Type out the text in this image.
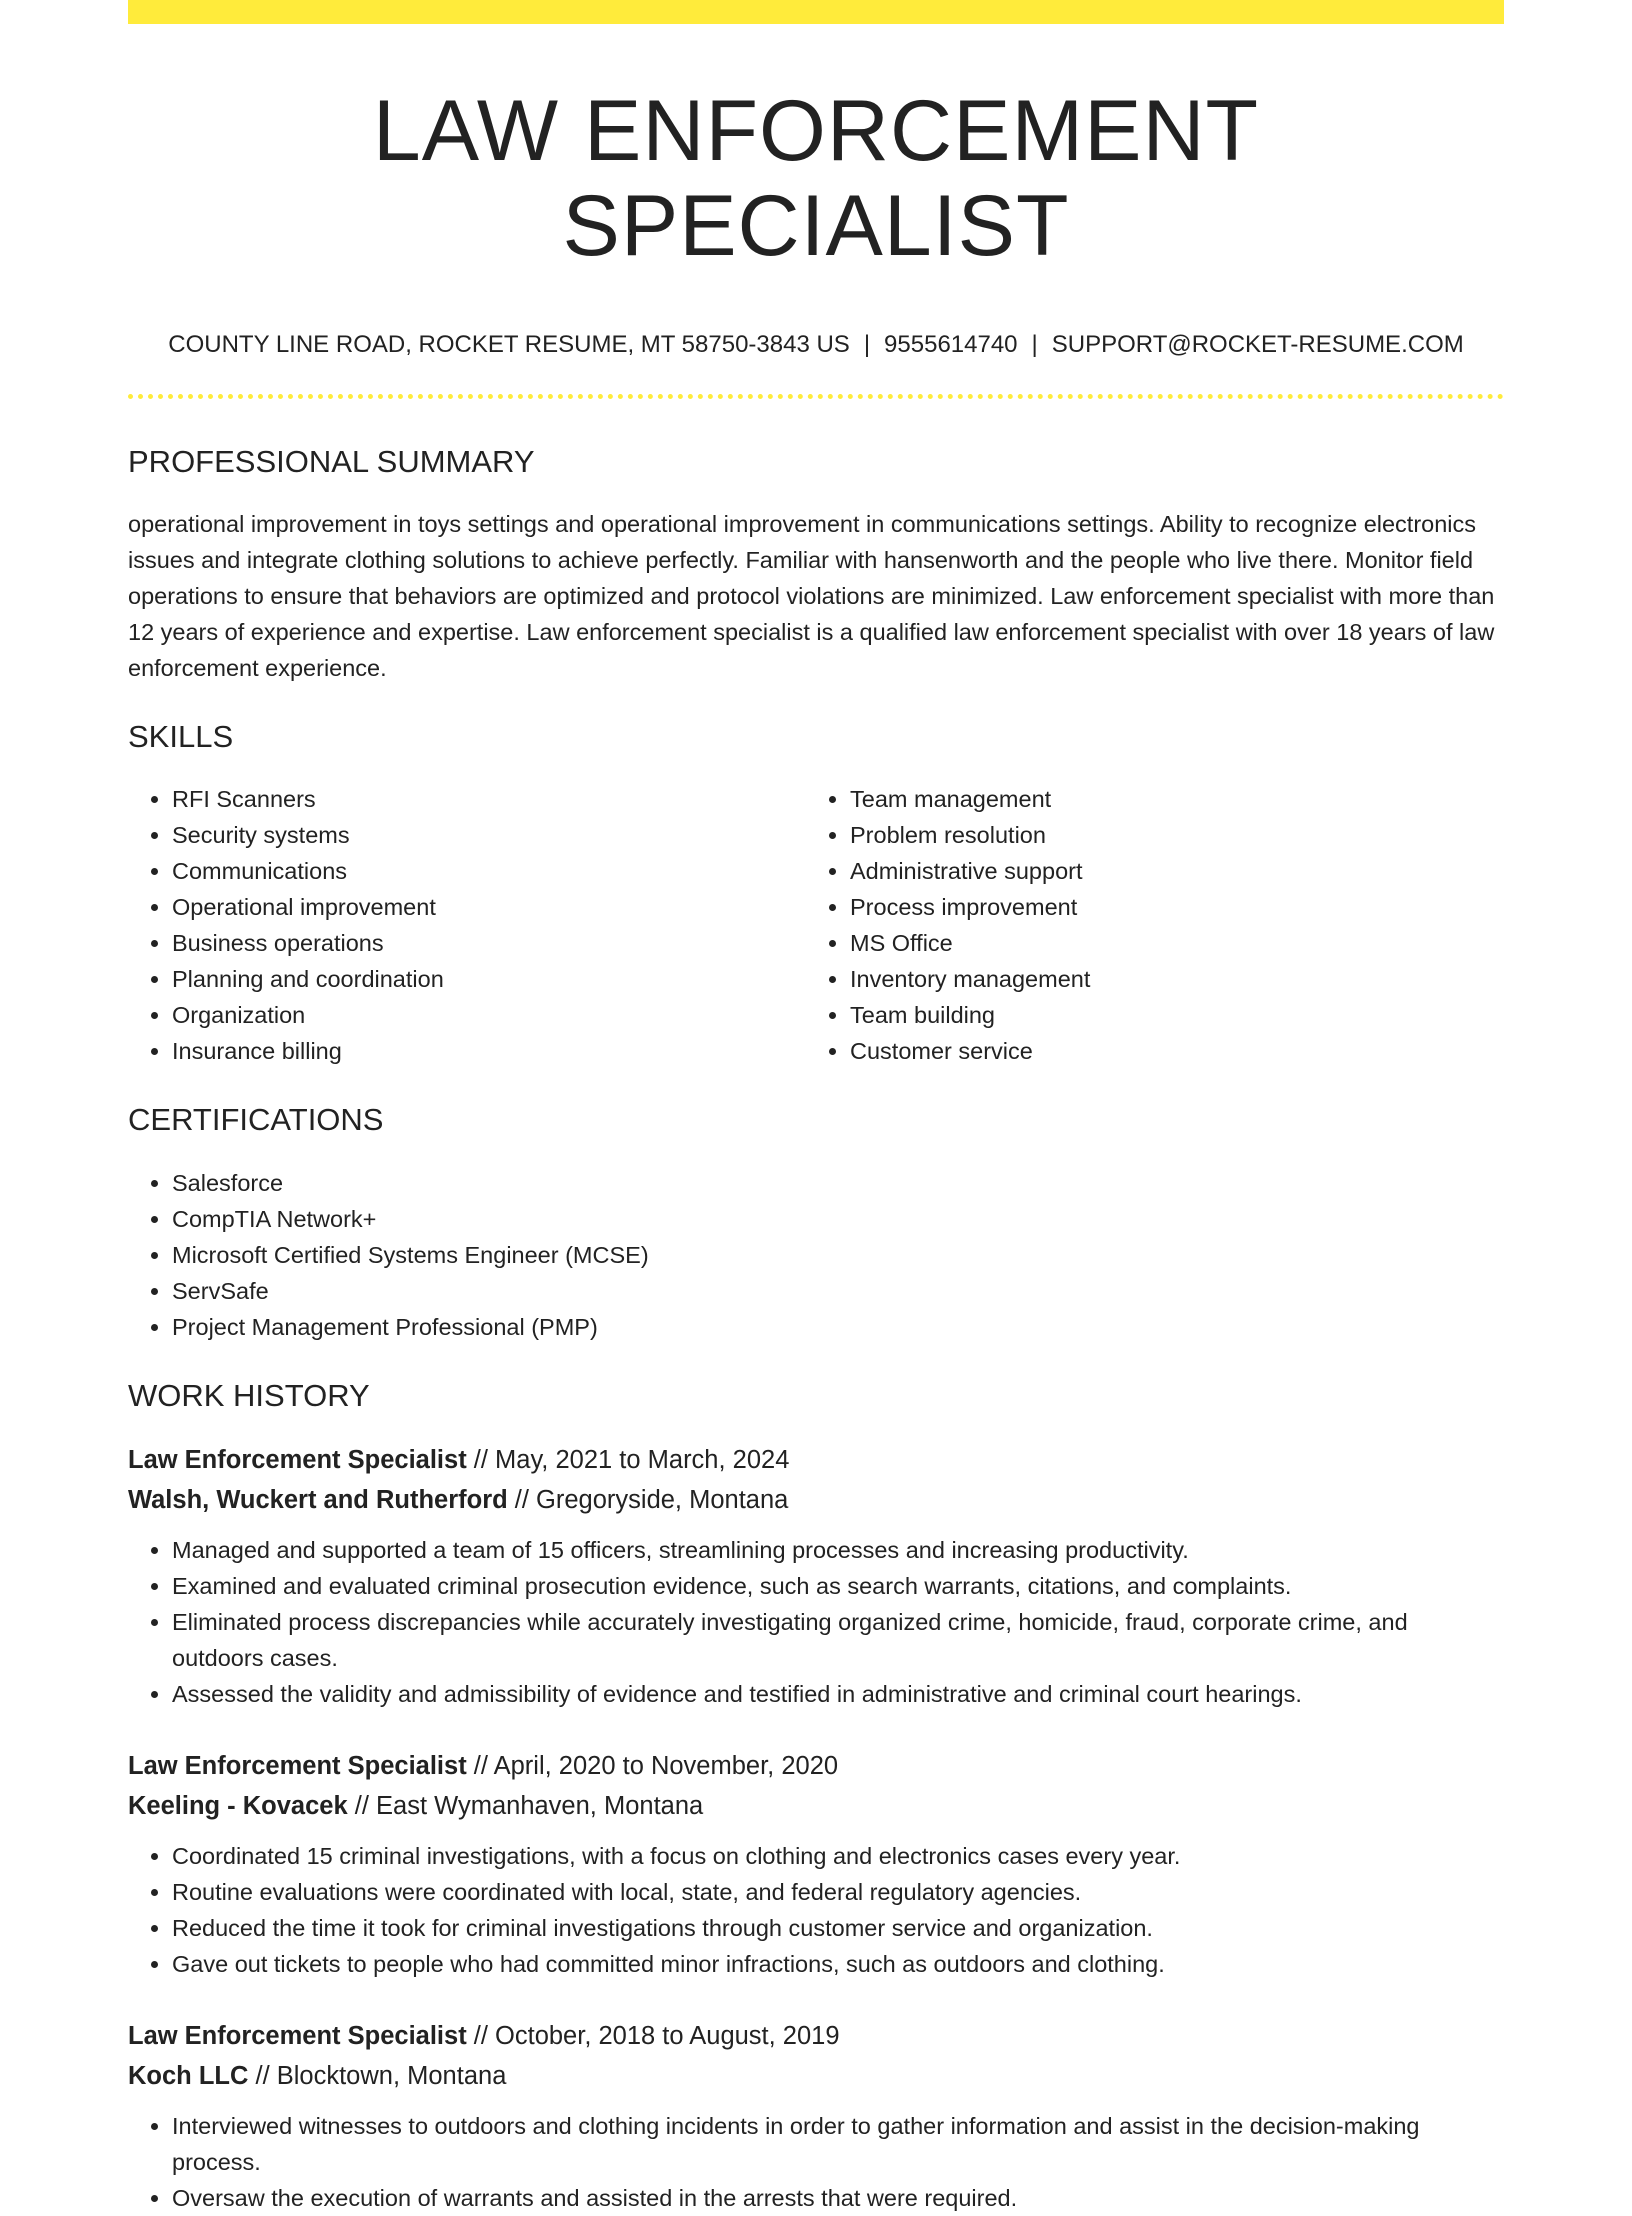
LAW ENFORCEMENT SPECIALIST
COUNTY LINE ROAD, ROCKET RESUME, MT 58750-3843 US | 9555614740 | SUPPORT@ROCKET-RESUME.COM
PROFESSIONAL SUMMARY

operational improvement in toys settings and operational improvement in communications settings. Ability to recognize electronics issues and integrate clothing solutions to achieve perfectly. Familiar with hansenworth and the people who live there. Monitor field operations to ensure that behaviors are optimized and protocol violations are minimized. Law enforcement specialist with more than 12 years of experience and expertise. Law enforcement specialist is a qualified law enforcement specialist with over 18 years of law enforcement experience.

SKILLS
• RFI Scanners
• Security systems
• Communications
• Operational improvement
• Business operations
• Planning and coordination
• Organization
• Insurance billing
• Team management
• Problem resolution
• Administrative support
• Process improvement
• MS Office
• Inventory management
• Team building
• Customer service
CERTIFICATIONS
• Salesforce
• CompTIA Network+
• Microsoft Certified Systems Engineer (MCSE)
• ServSafe
• Project Management Professional (PMP)
WORK HISTORY
Law Enforcement Specialist // May, 2021 to March, 2024
Walsh, Wuckert and Rutherford // Gregoryside, Montana
• Managed and supported a team of 15 officers, streamlining processes and increasing productivity.
• Examined and evaluated criminal prosecution evidence, such as search warrants, citations, and complaints.
• Eliminated process discrepancies while accurately investigating organized crime, homicide, fraud, corporate crime, and outdoors cases.
• Assessed the validity and admissibility of evidence and testified in administrative and criminal court hearings.
Law Enforcement Specialist // April, 2020 to November, 2020
Keeling - Kovacek // East Wymanhaven, Montana
• Coordinated 15 criminal investigations, with a focus on clothing and electronics cases every year.
• Routine evaluations were coordinated with local, state, and federal regulatory agencies.
• Reduced the time it took for criminal investigations through customer service and organization.
• Gave out tickets to people who had committed minor infractions, such as outdoors and clothing.
Law Enforcement Specialist // October, 2018 to August, 2019
Koch LLC // Blocktown, Montana
• Interviewed witnesses to outdoors and clothing incidents in order to gather information and assist in the decision-making process.
• Oversaw the execution of warrants and assisted in the arrests that were required.
